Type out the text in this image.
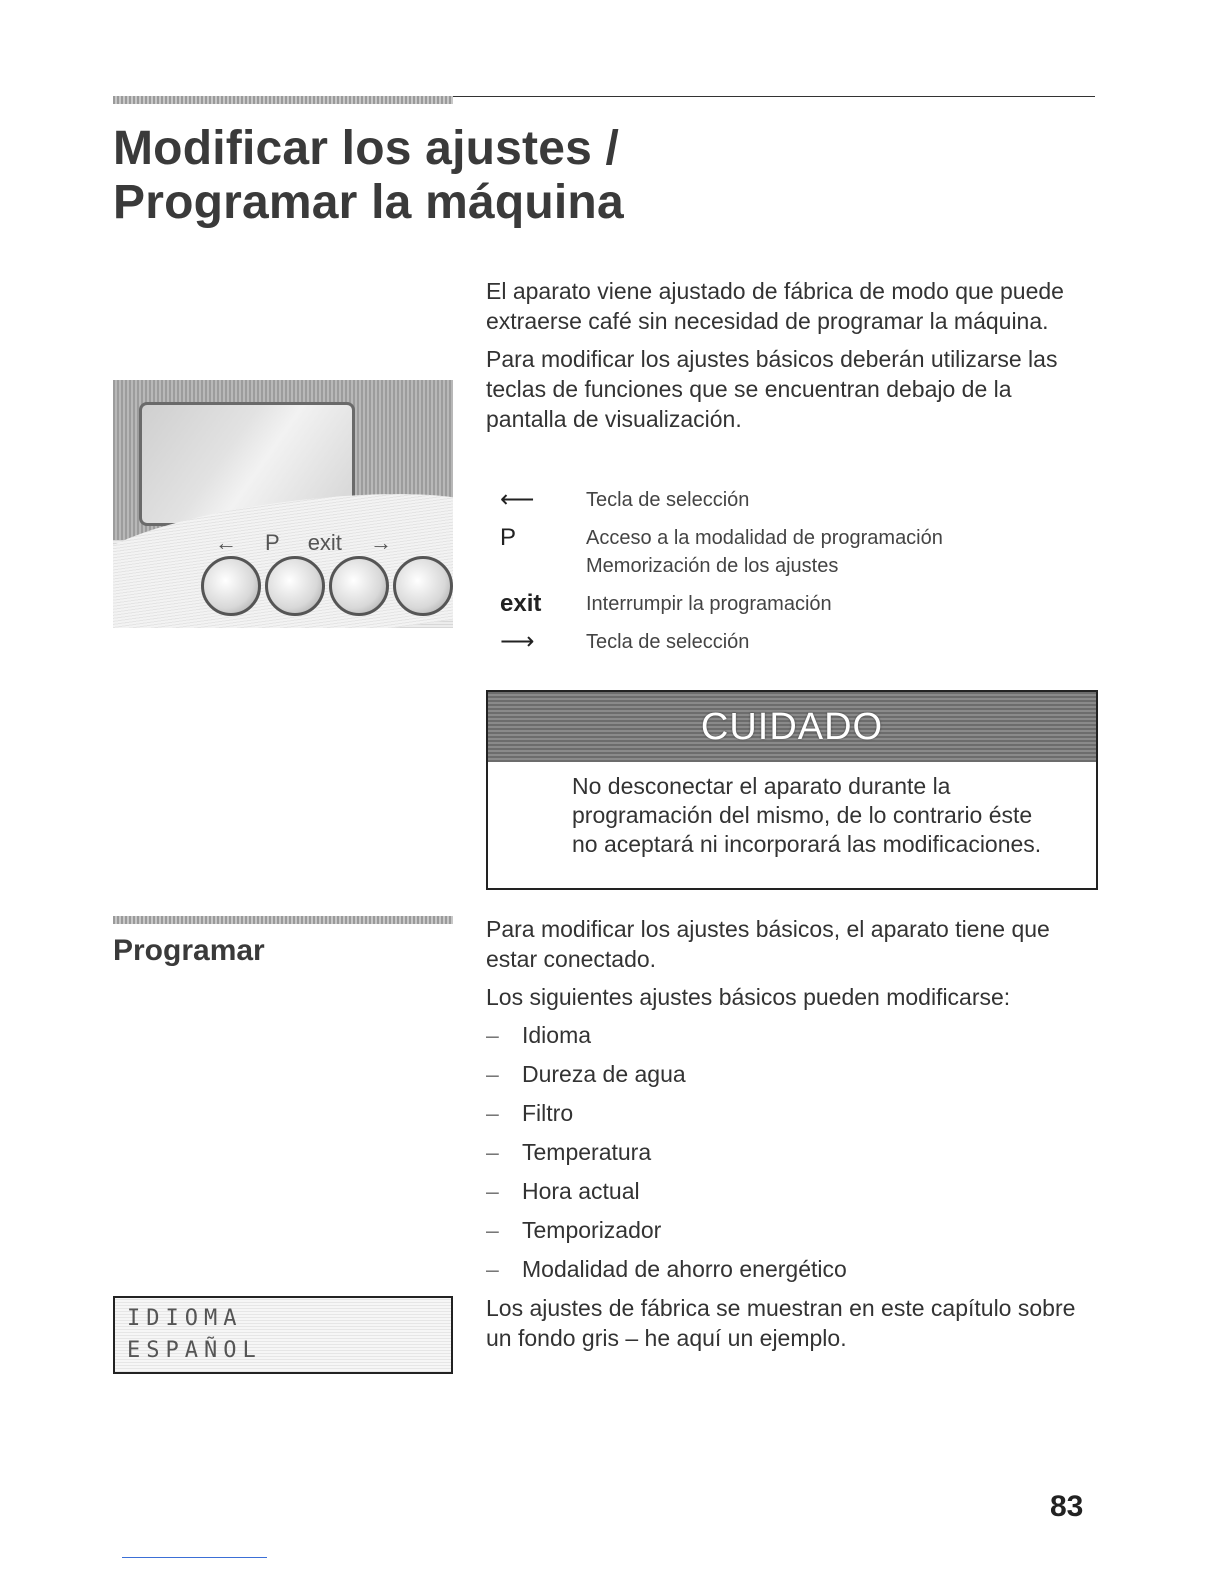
Modificar los ajustes /
Programar la máquina

El aparato viene ajustado de fábrica de modo que puede extraerse café sin necesidad de programar la máquina.

Para modificar los ajustes básicos deberán utilizarse las teclas de funciones que se encuentran debajo de la pantalla de visualización.

← P exit →
⟵	Tecla de selección
P	Acceso a la modalidad de programación
Memorización de los ajustes
exit	Interrumpir la programación
⟶	Tecla de selección
CUIDADO
No desconectar el aparato durante la programación del mismo, de lo contrario éste no aceptará ni incorporará las modificaciones.
Programar

Para modificar los ajustes básicos, el aparato tiene que estar conectado.

Los siguientes ajustes básicos pueden modificarse:

–	Idioma
–	Dureza de agua
–	Filtro
–	Temperatura
–	Hora actual
–	Temporizador
–	Modalidad de ahorro energético

Los ajustes de fábrica se muestran en este capítulo sobre un fondo gris – he aquí un ejemplo.

IDIOMA
ESPAÑOL
83
